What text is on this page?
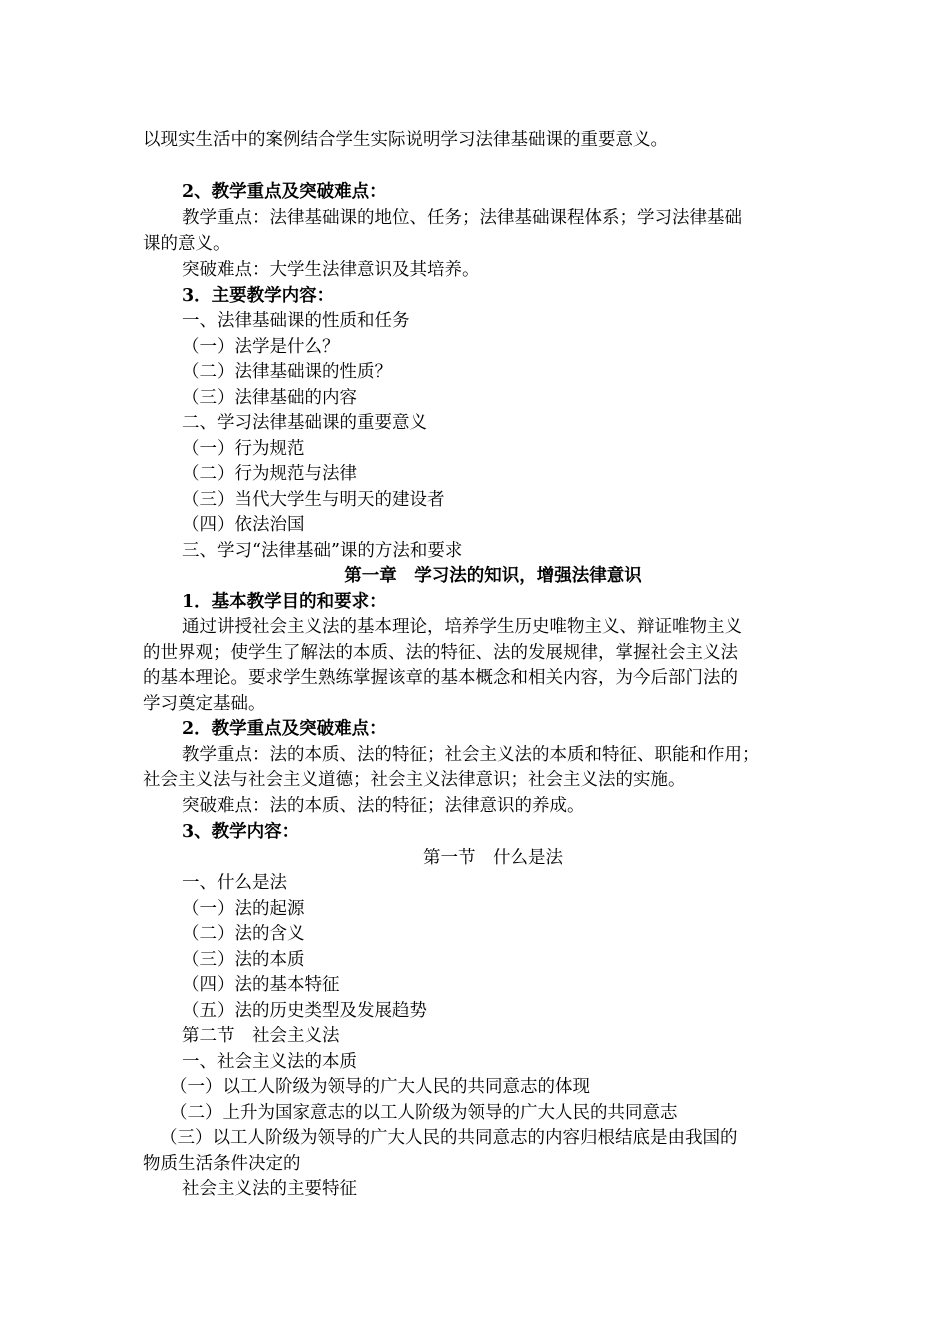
以现实生活中的案例结合学生实际说明学习法律基础课的重要意义。
2、教学重点及突破难点：
教学重点：法律基础课的地位、任务；法律基础课程体系；学习法律基础
课的意义。
突破难点：大学生法律意识及其培养。
3．主要教学内容：
一、法律基础课的性质和任务
（一）法学是什么？
（二）法律基础课的性质？
（三）法律基础的内容
二、学习法律基础课的重要意义
（一）行为规范
（二）行为规范与法律
（三）当代大学生与明天的建设者
（四）依法治国
三、学习“法律基础”课的方法和要求
第一章　学习法的知识，增强法律意识
1．基本教学目的和要求：
通过讲授社会主义法的基本理论，培养学生历史唯物主义、辩证唯物主义
的世界观；使学生了解法的本质、法的特征、法的发展规律，掌握社会主义法
的基本理论。要求学生熟练掌握该章的基本概念和相关内容，为今后部门法的
学习奠定基础。
2．教学重点及突破难点：
教学重点：法的本质、法的特征；社会主义法的本质和特征、职能和作用；
社会主义法与社会主义道德；社会主义法律意识；社会主义法的实施。
突破难点：法的本质、法的特征；法律意识的养成。
3、教学内容：
第一节　什么是法
一、什么是法
（一）法的起源
（二）法的含义
（三）法的本质
（四）法的基本特征
（五）法的历史类型及发展趋势
第二节　社会主义法
一、社会主义法的本质
（一）以工人阶级为领导的广大人民的共同意志的体现
（二）上升为国家意志的以工人阶级为领导的广大人民的共同意志
（三）以工人阶级为领导的广大人民的共同意志的内容归根结底是由我国的
物质生活条件决定的
社会主义法的主要特征
